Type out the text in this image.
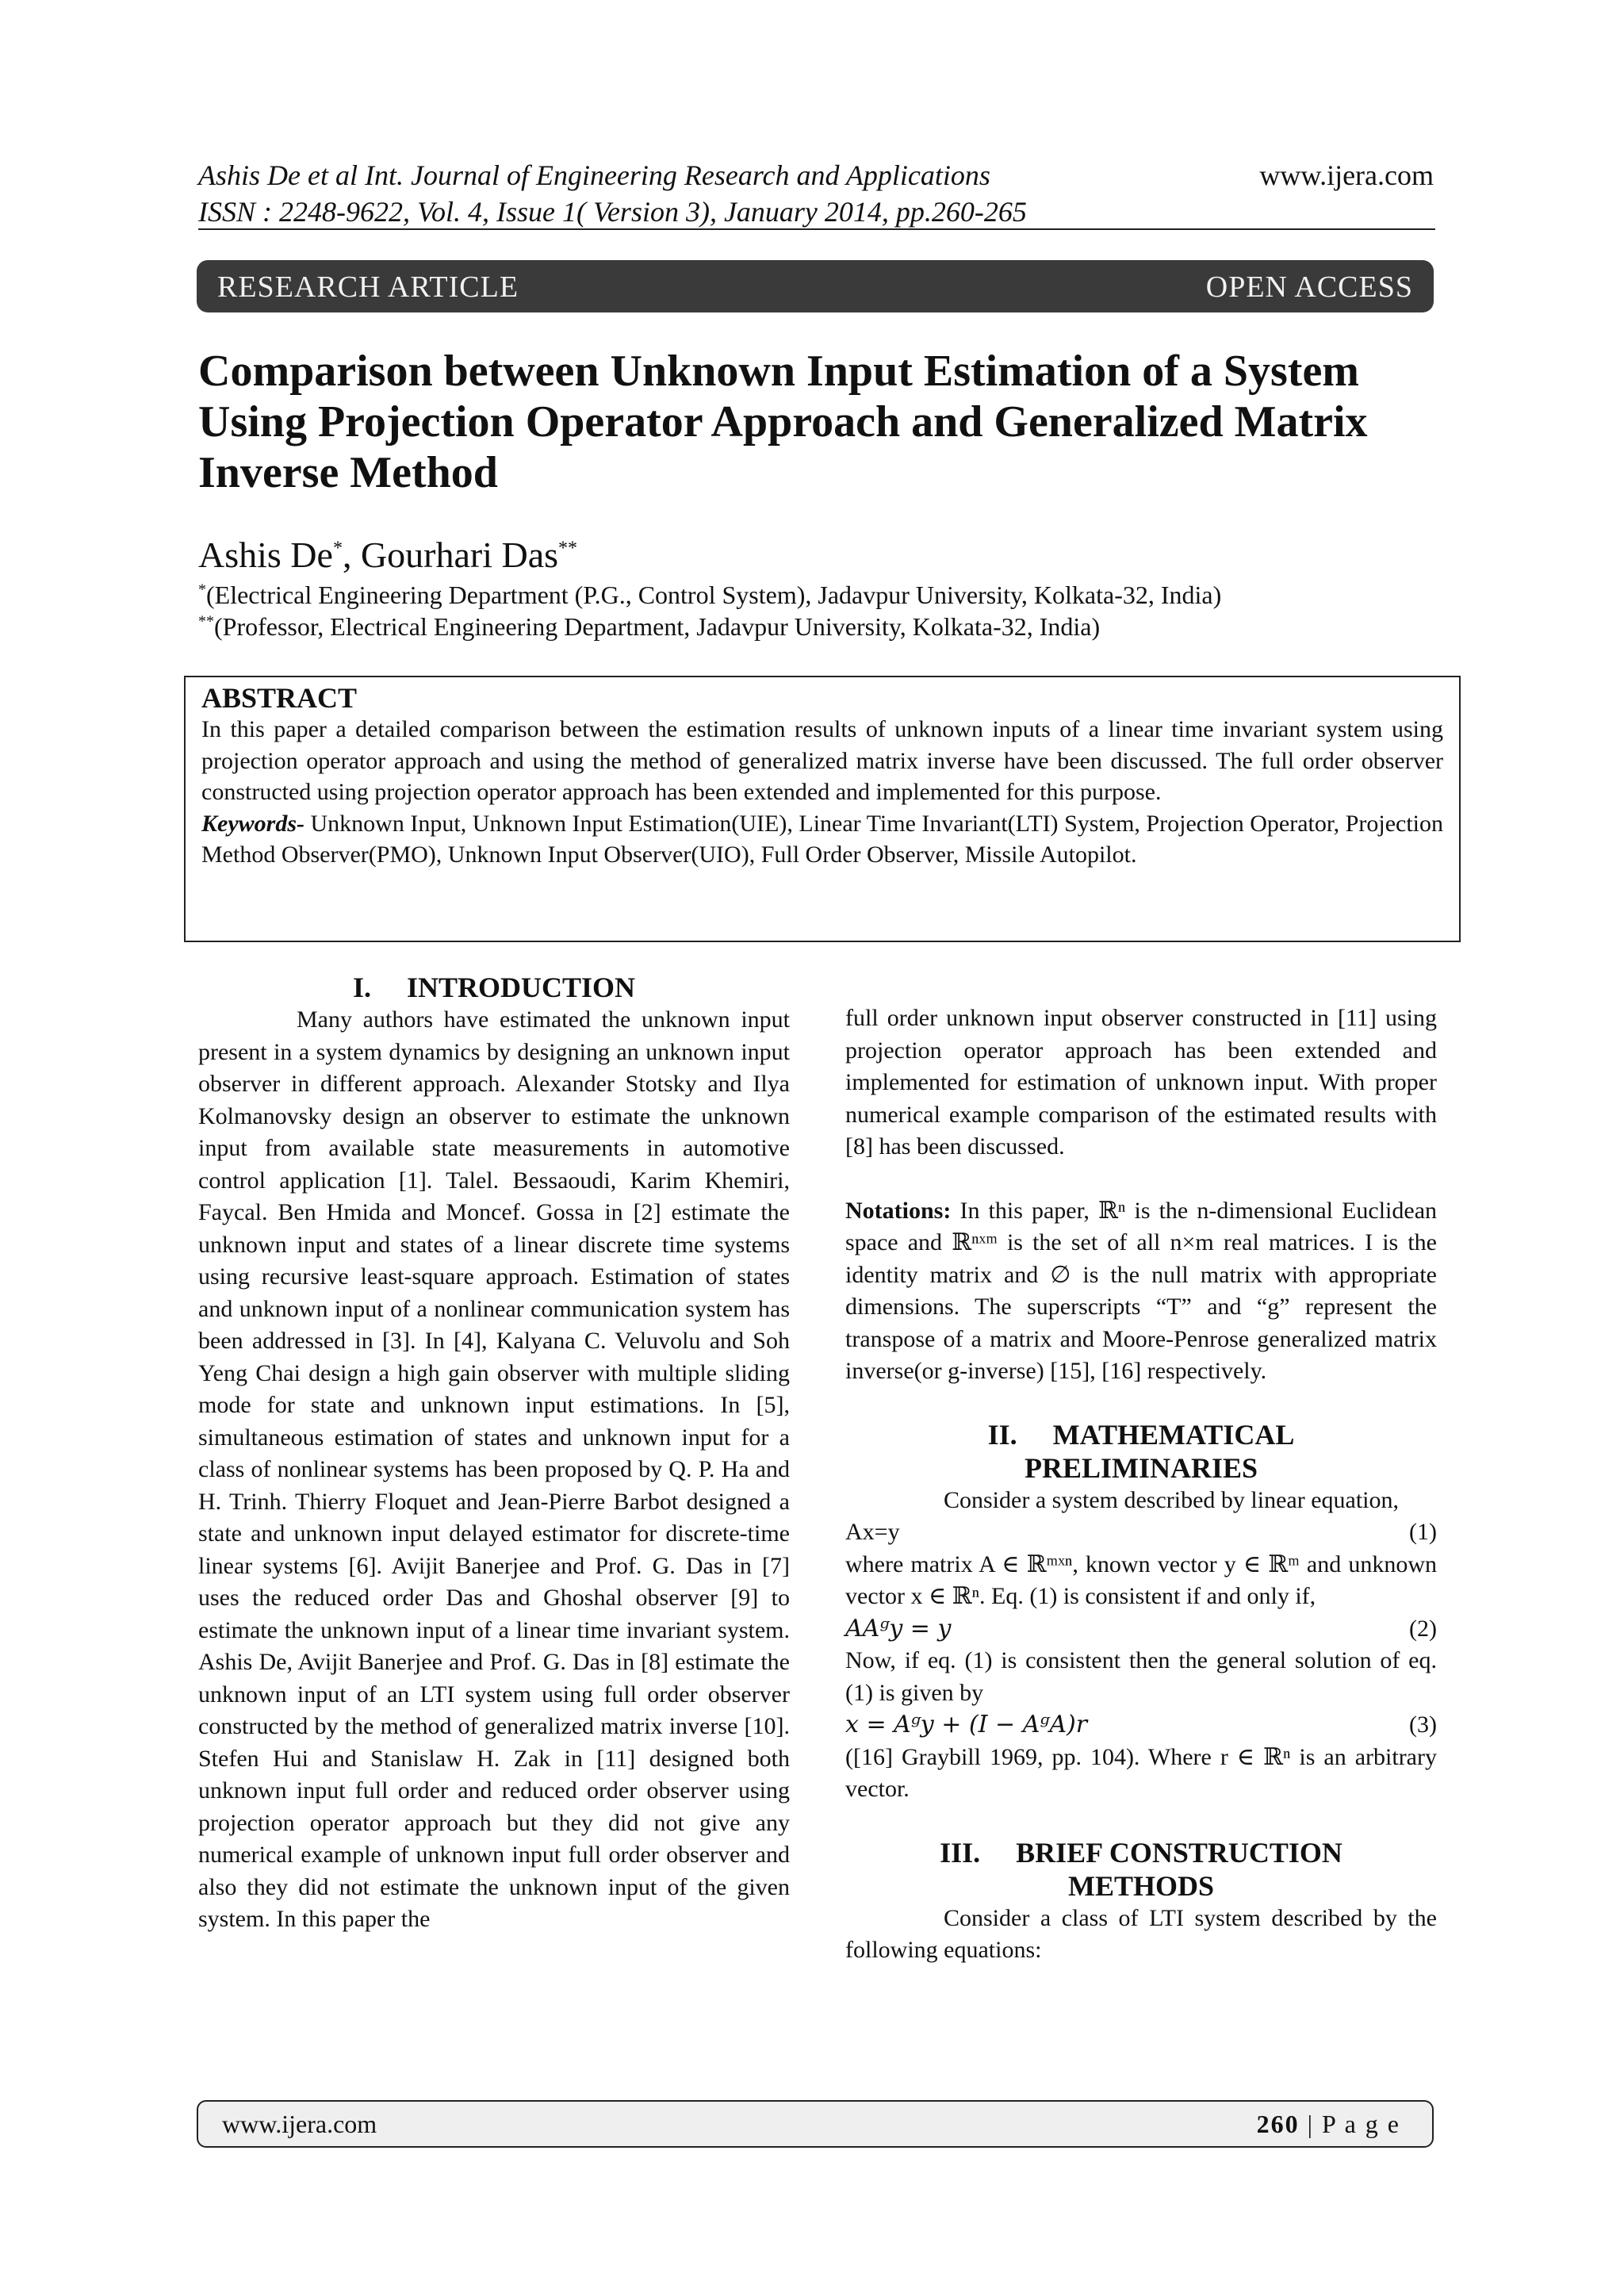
Ashis De et al Int. Journal of Engineering Research and Applications
ISSN : 2248-9622, Vol. 4, Issue 1( Version 3), January 2014, pp.260-265
www.ijera.com
RESEARCH ARTICLE	OPEN ACCESS
Comparison between Unknown Input Estimation of a System Using Projection Operator Approach and Generalized Matrix Inverse Method
Ashis De*, Gourhari Das**
*(Electrical Engineering Department (P.G., Control System), Jadavpur University, Kolkata-32, India)
**(Professor, Electrical Engineering Department, Jadavpur University, Kolkata-32, India)
ABSTRACT

In this paper a detailed comparison between the estimation results of unknown inputs of a linear time invariant system using projection operator approach and using the method of generalized matrix inverse have been discussed. The full order observer constructed using projection operator approach has been extended and implemented for this purpose.

Keywords- Unknown Input, Unknown Input Estimation(UIE), Linear Time Invariant(LTI) System, Projection Operator, Projection Method Observer(PMO), Unknown Input Observer(UIO), Full Order Observer, Missile Autopilot.

I. INTRODUCTION

Many authors have estimated the unknown input present in a system dynamics by designing an unknown input observer in different approach. Alexander Stotsky and Ilya Kolmanovsky design an observer to estimate the unknown input from available state measurements in automotive control application [1]. Talel. Bessaoudi, Karim Khemiri, Faycal. Ben Hmida and Moncef. Gossa in [2] estimate the unknown input and states of a linear discrete time systems using recursive least-square approach. Estimation of states and unknown input of a nonlinear communication system has been addressed in [3]. In [4], Kalyana C. Veluvolu and Soh Yeng Chai design a high gain observer with multiple sliding mode for state and unknown input estimations. In [5], simultaneous estimation of states and unknown input for a class of nonlinear systems has been proposed by Q. P. Ha and H. Trinh. Thierry Floquet and Jean-Pierre Barbot designed a state and unknown input delayed estimator for discrete-time linear systems [6]. Avijit Banerjee and Prof. G. Das in [7] uses the reduced order Das and Ghoshal observer [9] to estimate the unknown input of a linear time invariant system. Ashis De, Avijit Banerjee and Prof. G. Das in [8] estimate the unknown input of an LTI system using full order observer constructed by the method of generalized matrix inverse [10]. Stefen Hui and Stanislaw H. Zak in [11] designed both unknown input full order and reduced order observer using projection operator approach but they did not give any numerical example of unknown input full order observer and also they did not estimate the unknown input of the given system. In this paper the

full order unknown input observer constructed in [11] using projection operator approach has been extended and implemented for estimation of unknown input. With proper numerical example comparison of the estimated results with [8] has been discussed.

Notations: In this paper, ℝⁿ is the n-dimensional Euclidean space and ℝⁿˣᵐ is the set of all n×m real matrices. I is the identity matrix and ∅ is the null matrix with appropriate dimensions. The superscripts “T” and “g” represent the transpose of a matrix and Moore-Penrose generalized matrix inverse(or g-inverse) [15], [16] respectively.

II. MATHEMATICAL
PRELIMINARIES

Consider a system described by linear equation,

Ax=y	(1)

where matrix A ∈ ℝᵐˣⁿ, known vector y ∈ ℝᵐ and unknown vector x ∈ ℝⁿ. Eq. (1) is consistent if and only if,

AAᵍy = y	(2)

Now, if eq. (1) is consistent then the general solution of eq. (1) is given by

x = Aᵍy + (I − AᵍA)r	(3)

([16] Graybill 1969, pp. 104). Where r ∈ ℝⁿ is an arbitrary vector.

III. BRIEF CONSTRUCTION
METHODS

Consider a class of LTI system described by the following equations:

www.ijera.com	260 | P a g e
